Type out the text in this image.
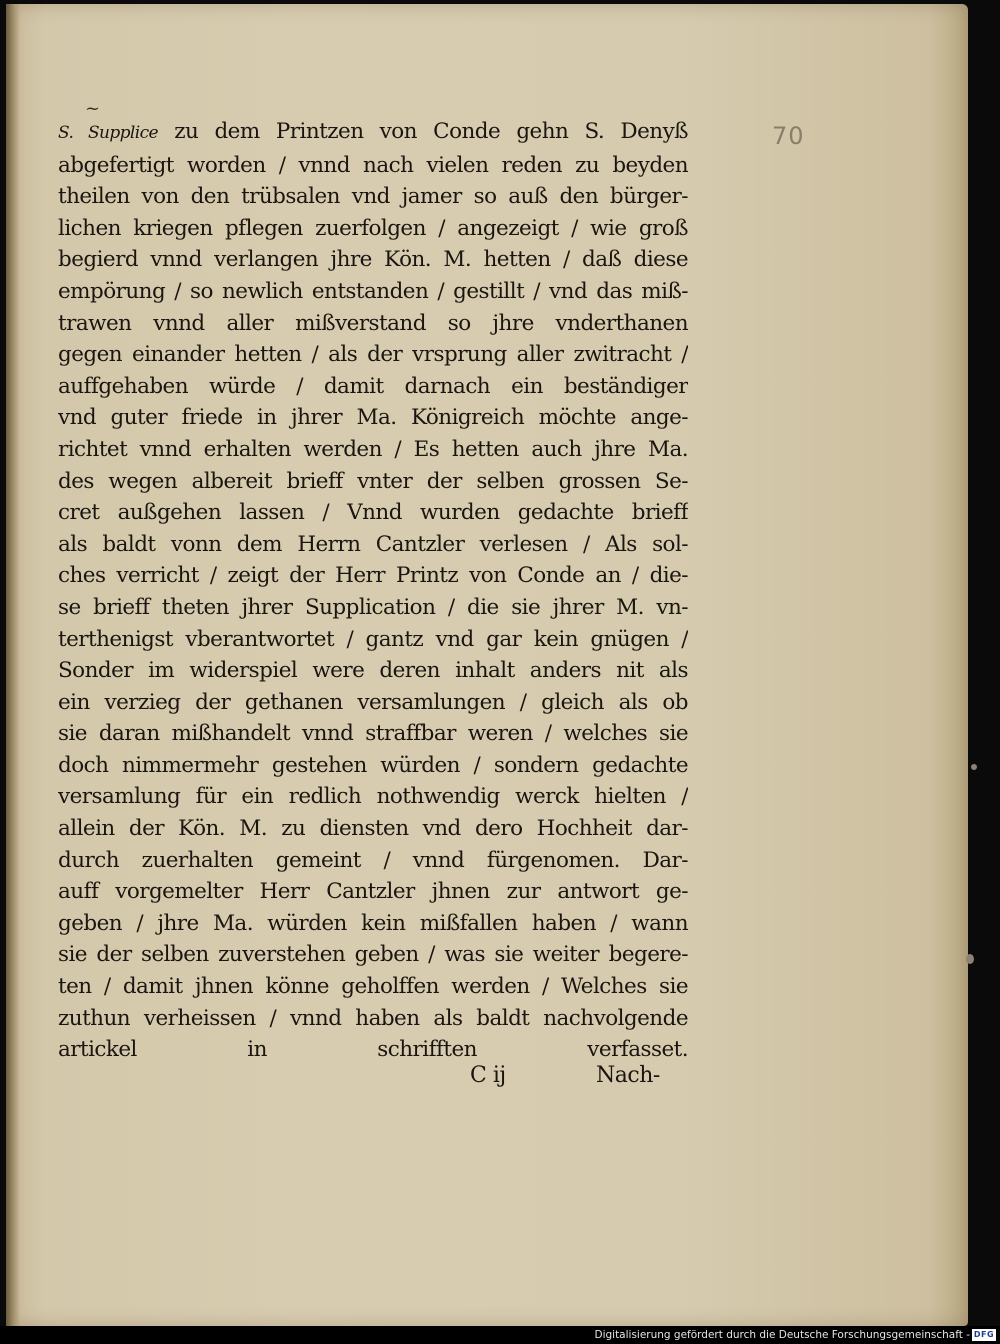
~
70
S. Supplice zu dem Printzen von Conde gehn S. Denyß
abgefertigt worden / vnnd nach vielen reden zu beyden
theilen von den trübsalen vnd jamer so auß den bürger-
lichen kriegen pflegen zuerfolgen / angezeigt / wie groß
begierd vnnd verlangen jhre Kön. M. hetten / daß diese
empörung / so newlich entstanden / gestillt / vnd das miß-
trawen vnnd aller mißverstand so jhre vnderthanen
gegen einander hetten / als der vrsprung aller zwitracht /
auffgehaben würde / damit darnach ein beständiger
vnd guter friede in jhrer Ma. Königreich möchte ange-
richtet vnnd erhalten werden / Es hetten auch jhre Ma.
des wegen albereit brieff vnter der selben grossen Se-
cret außgehen lassen / Vnnd wurden gedachte brieff
als baldt vonn dem Herrn Cantzler verlesen / Als sol-
ches verricht / zeigt der Herr Printz von Conde an / die-
se brieff theten jhrer Supplication / die sie jhrer M. vn-
terthenigst vberantwortet / gantz vnd gar kein gnügen /
Sonder im widerspiel were deren inhalt anders nit als
ein verzieg der gethanen versamlungen / gleich als ob
sie daran mißhandelt vnnd straffbar weren / welches sie
doch nimmermehr gestehen würden / sondern gedachte
versamlung für ein redlich nothwendig werck hielten /
allein der Kön. M. zu diensten vnd dero Hochheit dar-
durch zuerhalten gemeint / vnnd fürgenomen. Dar-
auff vorgemelter Herr Cantzler jhnen zur antwort ge-
geben / jhre Ma. würden kein mißfallen haben / wann
sie der selben zuverstehen geben / was sie weiter begere-
ten / damit jhnen könne geholffen werden / Welches sie
zuthun verheissen / vnnd haben als baldt nachvolgende
artickel in schrifften verfasset.
C ij	Nach-
Digitalisierung gefördert durch die Deutsche Forschungsgemeinschaft - DFG
